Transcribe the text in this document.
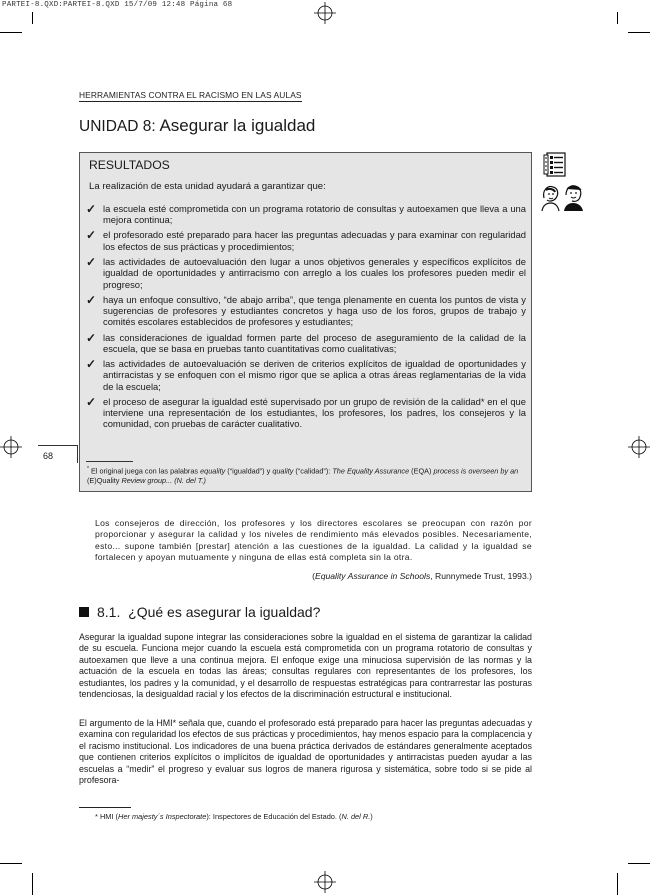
PARTEI-8.QXD:PARTEI-8.QXD 15/7/09 12:48 Página 68
HERRAMIENTAS CONTRA EL RACISMO EN LAS AULAS
UNIDAD 8: Asegurar la igualdad
RESULTADOS
La realización de esta unidad ayudará a garantizar que:
✓ la escuela esté comprometida con un programa rotatorio de consultas y autoexamen que lleva a una mejora continua;
✓ el profesorado esté preparado para hacer las preguntas adecuadas y para examinar con regularidad los efectos de sus prácticas y procedimientos;
✓ las actividades de autoevaluación den lugar a unos objetivos generales y específicos explícitos de igualdad de oportunidades y antirracismo con arreglo a los cuales los profesores pueden medir el progreso;
✓ haya un enfoque consultivo, “de abajo arriba”, que tenga plenamente en cuenta los puntos de vista y sugerencias de profesores y estudiantes concretos y haga uso de los foros, grupos de trabajo y comités escolares establecidos de profesores y estudiantes;
✓ las consideraciones de igualdad formen parte del proceso de aseguramiento de la calidad de la escuela, que se basa en pruebas tanto cuantitativas como cualitativas;
✓ las actividades de autoevaluación se deriven de criterios explícitos de igualdad de oportunidades y antirracistas y se enfoquen con el mismo rigor que se aplica a otras áreas reglamentarias de la vida de la escuela;
✓ el proceso de asegurar la igualdad esté supervisado por un grupo de revisión de la calidad* en el que interviene una representación de los estudiantes, los profesores, los padres, los consejeros y la comunidad, con pruebas de carácter cualitativo.
* El original juega con las palabras equality (“igualdad”) y quality (“calidad”): The Equality Assurance (EQA) process is overseen by an (E)Quality Review group... (N. del T.)
68
Los consejeros de dirección, los profesores y los directores escolares se preocupan con razón por proporcionar y asegurar la calidad y los niveles de rendimiento más elevados posibles. Necesariamente, esto... supone también [prestar] atención a las cuestiones de la igualdad. La calidad y la igualdad se fortalecen y apoyan mutuamente y ninguna de ellas está completa sin la otra.
(Equality Assurance in Schools, Runnymede Trust, 1993.)
8.1. ¿Qué es asegurar la igualdad?
Asegurar la igualdad supone integrar las consideraciones sobre la igualdad en el sistema de garantizar la calidad de su escuela. Funciona mejor cuando la escuela está comprometida con un programa rotatorio de consultas y autoexamen que lleve a una continua mejora. El enfoque exige una minuciosa supervisión de las normas y la actuación de la escuela en todas las áreas; consultas regulares con representantes de los profesores, los estudiantes, los padres y la comunidad, y el desarrollo de respuestas estratégicas para contrarrestar las posturas tendenciosas, la desigualdad racial y los efectos de la discriminación estructural e institucional.
El argumento de la HMI* señala que, cuando el profesorado está preparado para hacer las preguntas adecuadas y examina con regularidad los efectos de sus prácticas y procedimientos, hay menos espacio para la complacencia y el racismo institucional. Los indicadores de una buena práctica derivados de estándares generalmente aceptados que contienen criterios explícitos o implícitos de igualdad de oportunidades y antirracistas pueden ayudar a las escuelas a “medir” el progreso y evaluar sus logros de manera rigurosa y sistemática, sobre todo si se pide al profesora-
* HMI (Her majesty´s Inspectorate): Inspectores de Educación del Estado. (N. del R.)
